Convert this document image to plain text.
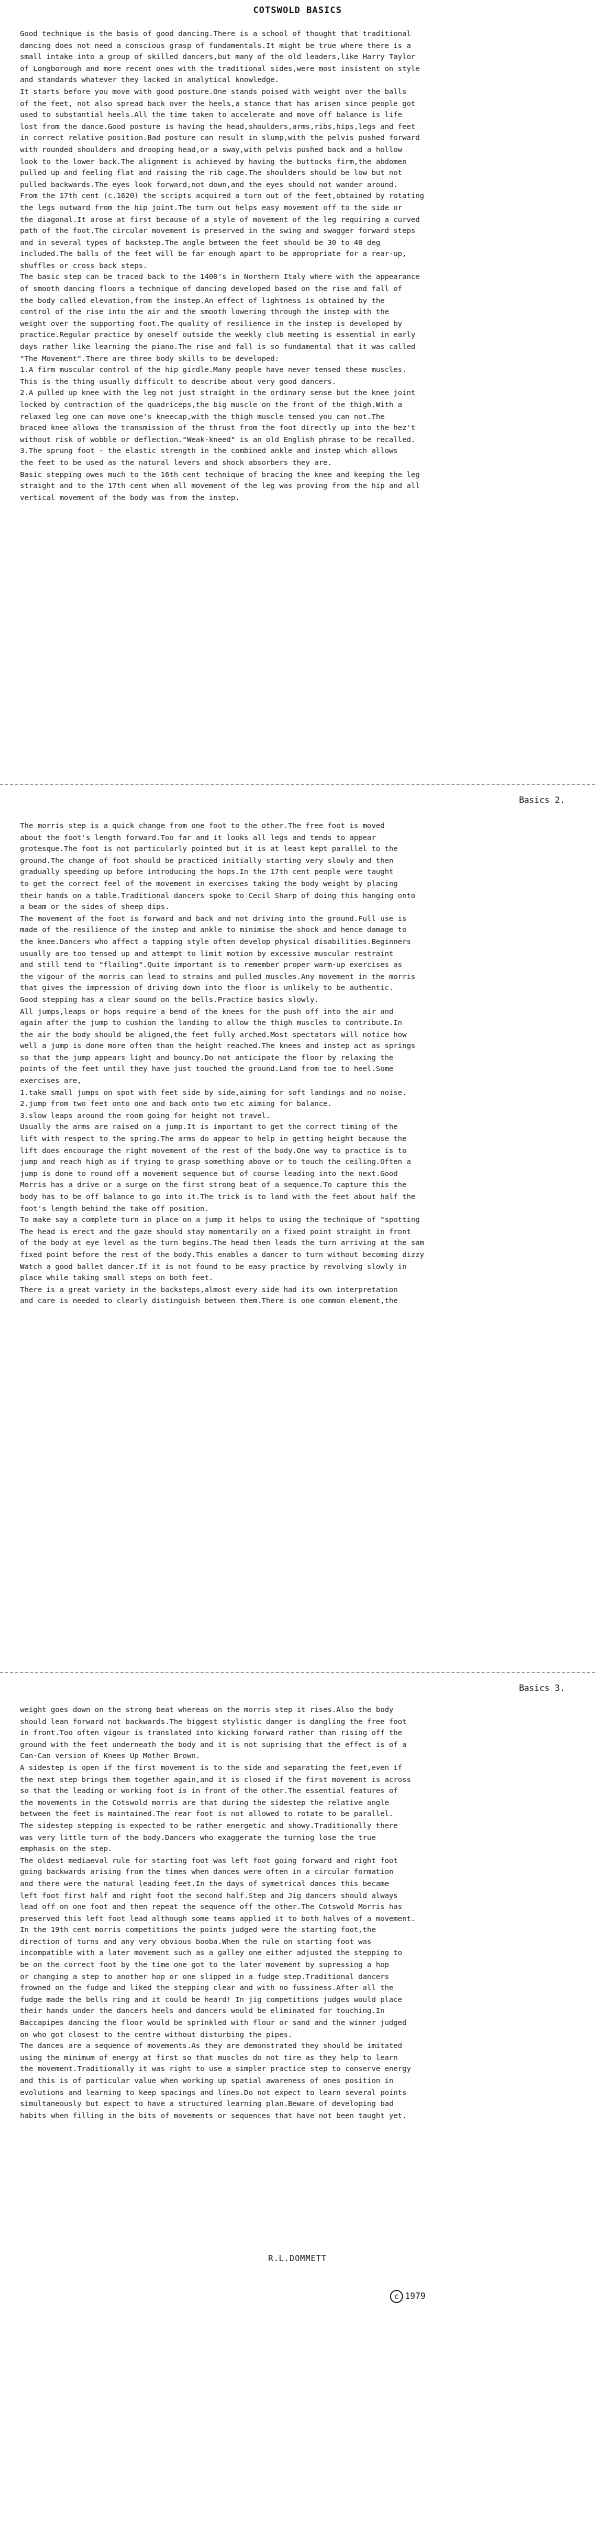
COTSWOLD BASICS
Good technique is the basis of good dancing.There is a school of thought that traditional
dancing does not need a conscious grasp of fundamentals.It might be true where there is a
small intake into a group of skilled dancers,but many of the old leaders,like Harry Taylor
of Longborough and more recent ones with the traditional sides,were most insistent on style
and standards whatever they lacked in analytical knowledge.
It starts before you move with good posture.One stands poised with weight over the balls
of the feet, not also spread back over the heels,a stance that has arisen since people got
used to substantial heels.All the time taken to accelerate and move off balance is life
lost from the dance.Good posture is having the head,shoulders,arms,ribs,hips,legs and feet
in correct relative position.Bad posture can result in slump,with the pelvis pushed forward
with rounded shoulders and drooping head,or a sway,with pelvis pushed back and a hollow
look to the lower back.The alignment is achieved by having the buttocks firm,the abdomen
pulled up and feeling flat and raising the rib cage.The shoulders should be low but not
pulled backwards.The eyes look forward,not down,and the eyes should not wander around.
From the 17th cent (c.1620) the scripts acquired a turn out of the feet,obtained by rotating
the legs outward from the hip joint.The turn out helps easy movement off to the side or
the diagonal.It arose at first because of a style of movement of the leg requiring a curved
path of the foot.The circular movement is preserved in the swing and swagger forward steps
and in several types of backstep.The angle between the feet should be 30 to 40 deg
included.The balls of the feet will be far enough apart to be appropriate for a rear-up,
shuffles or cross back steps.
The basic step can be traced back to the 1400's in Northern Italy where with the appearance
of smooth dancing floors a technique of dancing developed based on the rise and fall of
the body called elevation,from the instep.An effect of lightness is obtained by the
control of the rise into the air and the smooth lowering through the instep with the
weight over the supporting foot.The quality of resilience in the instep is developed by
practice.Regular practice by oneself outside the weekly club meeting is essential in early
days rather like learning the piano.The rise and fall is so fundamental that it was called
"The Movement".There are three body skills to be developed:
1.A firm muscular control of the hip girdle.Many people have never tensed these muscles.
This is the thing usually difficult to describe about very good dancers.
2.A pulled up knee with the leg not just straight in the ordinary sense but the knee joint
locked by contraction of the quadriceps,the big muscle on the front of the thigh.With a
relaxed leg one can move one's kneecap,with the thigh muscle tensed you can not.The
braced knee allows the transmission of the thrust from the foot directly up into the hez't
without risk of wobble or deflection."Weak-kneed" is an old English phrase to be recalled.
3.The sprung foot - the elastic strength in the combined ankle and instep which allows
the feet to be used as the natural levers and shock absorbers they are.
Basic stepping owes much to the 16th cent technique of bracing the knee and keeping the leg
straight and to the 17th cent when all movement of the leg was proving from the hip and all
vertical movement of the body was from the instep.
Basics 2.
The morris step is a quick change from one foot to the other.The free foot is moved
about the foot's length forward.Too far and it looks all legs and tends to appear
grotesque.The foot is not particularly pointed but it is at least kept parallel to the
ground.The change of foot should be practiced initially starting very slowly and then
gradually speeding up before introducing the hops.In the 17th cent people were taught
to get the correct feel of the movement in exercises taking the body weight by placing
their hands on a table.Traditional dancers spoke to Cecil Sharp of doing this hanging onto
a beam or the sides of sheep dips.
The movement of the foot is forward and back and not driving into the ground.Full use is
made of the resilience of the instep and ankle to minimise the shock and hence damage to
the knee.Dancers who affect a tapping style often develop physical disabilities.Beginners
usually are too tensed up and attempt to limit motion by excessive muscular restraint
and still tend to "flailing".Quite important is to remember proper warm-up exercises as
the vigour of the morris can lead to strains and pulled muscles.Any movement in the morris
that gives the impression of driving down into the floor is unlikely to be authentic.
Good stepping has a clear sound on the bells.Practice basics slowly.
All jumps,leaps or hops require a bend of the knees for the push off into the air and
again after the jump to cushion the landing to allow the thigh muscles to contribute.In
the air the body should be aligned,the feet fully arched.Most spectators will notice how
well a jump is done more often than the height reached.The knees and instep act as springs
so that the jump appears light and bouncy.Do not anticipate the floor by relaxing the
points of the feet until they have just touched the ground.Land from toe to heel.Some
exercises are,
1.take small jumps on spot with feet side by side,aiming for soft landings and no noise.
2.jump from two feet onto one and back onto two etc aiming for balance.
3.slow leaps around the room going for height not travel.
Usually the arms are raised on a jump.It is important to get the correct timing of the
lift with respect to the spring.The arms do appear to help in getting height because the
lift does encourage the right movement of the rest of the body.One way to practice is to
jump and reach high as if trying to grasp something above or to touch the ceiling.Often a
jump is done to round off a movement sequence but of course leading into the next.Good
Morris has a drive or a surge on the first strong beat of a sequence.To capture this the
body has to be off balance to go into it.The trick is to land with the feet about half the
foot's length behind the take off position.
To make say a complete turn in place on a jump it helps to using the technique of "spotting
The head is erect and the gaze should stay momentarily on a fixed point straight in front
of the body at eye level as the turn begins.The head then leads the turn arriving at the sam
fixed point before the rest of the body.This enables a dancer to turn without becoming dizzy
Watch a good ballet dancer.If it is not found to be easy practice by revolving slowly in
place while taking small steps on both feet.
There is a great variety in the backsteps,almost every side had its own interpretation
and care is needed to clearly distinguish between them.There is one common element,the
Basics 3.
weight goes down on the strong beat whereas on the morris step it rises.Also the body
should lean forward not backwards.The biggest stylistic danger is dangling the free foot
in front.Too often vigour is translated into kicking forward rather than rising off the
ground with the feet underneath the body and it is not suprising that the effect is of a
Can-Can version of Knees Up Mother Brown.
A sidestep is open if the first movement is to the side and separating the feet,even if
the next step brings them together again,and it is closed if the first movement is across
so that the leading or working foot is in front of the other.The essential features of
the movements in the Cotswold morris are that during the sidestep the relative angle
between the feet is maintained.The rear foot is not allowed to rotate to be parallel.
The sidestep stepping is expected to be rather energetic and showy.Traditionally there
was very little turn of the body.Dancers who exaggerate the turning lose the true
emphasis on the step.
The oldest mediaeval rule for starting foot was left foot going forward and right foot
going backwards arising from the times when dances were often in a circular formation
and there were the natural leading feet.In the days of symetrical dances this became
left foot first half and right foot the second half.Step and Jig dancers should always
lead off on one foot and then repeat the sequence off the other.The Cotswold Morris has
preserved this left foot lead although some teams applied it to both halves of a movement.
In the 19th cent morris competitions the points judged were the starting foot,the
direction of turns and any very obvious booba.When the rule on starting foot was
incompatible with a later movement such as a galley one either adjusted the stepping to
be on the correct foot by the time one got to the later movement by supressing a hop
or changing a step to another hop or one slipped in a fudge step.Traditional dancers
frowned on the fudge and liked the stepping clear and with no fussiness.After all the
fudge made the bells ring and it could be heard! In jig competitions judges would place
their hands under the dancers heels and dancers would be eliminated for touching.In
Baccapipes dancing the floor would be sprinkled with flour or sand and the winner judged
on who got closest to the centre without disturbing the pipes.
The dances are a sequence of movements.As they are demonstrated they should be imitated
using the minimum of energy at first so that muscles do not tire as they help to learn
the movement.Traditionally it was right to use a simpler practice step to conserve energy
and this is of particular value when working up spatial awareness of ones position in
evolutions and learning to keep spacings and lines.Do not expect to learn several points
simultaneously but expect to have a structured learning plan.Beware of developing bad
habits when filling in the bits of movements or sequences that have not been taught yet.
R.L.DOMMETT
c 1979
